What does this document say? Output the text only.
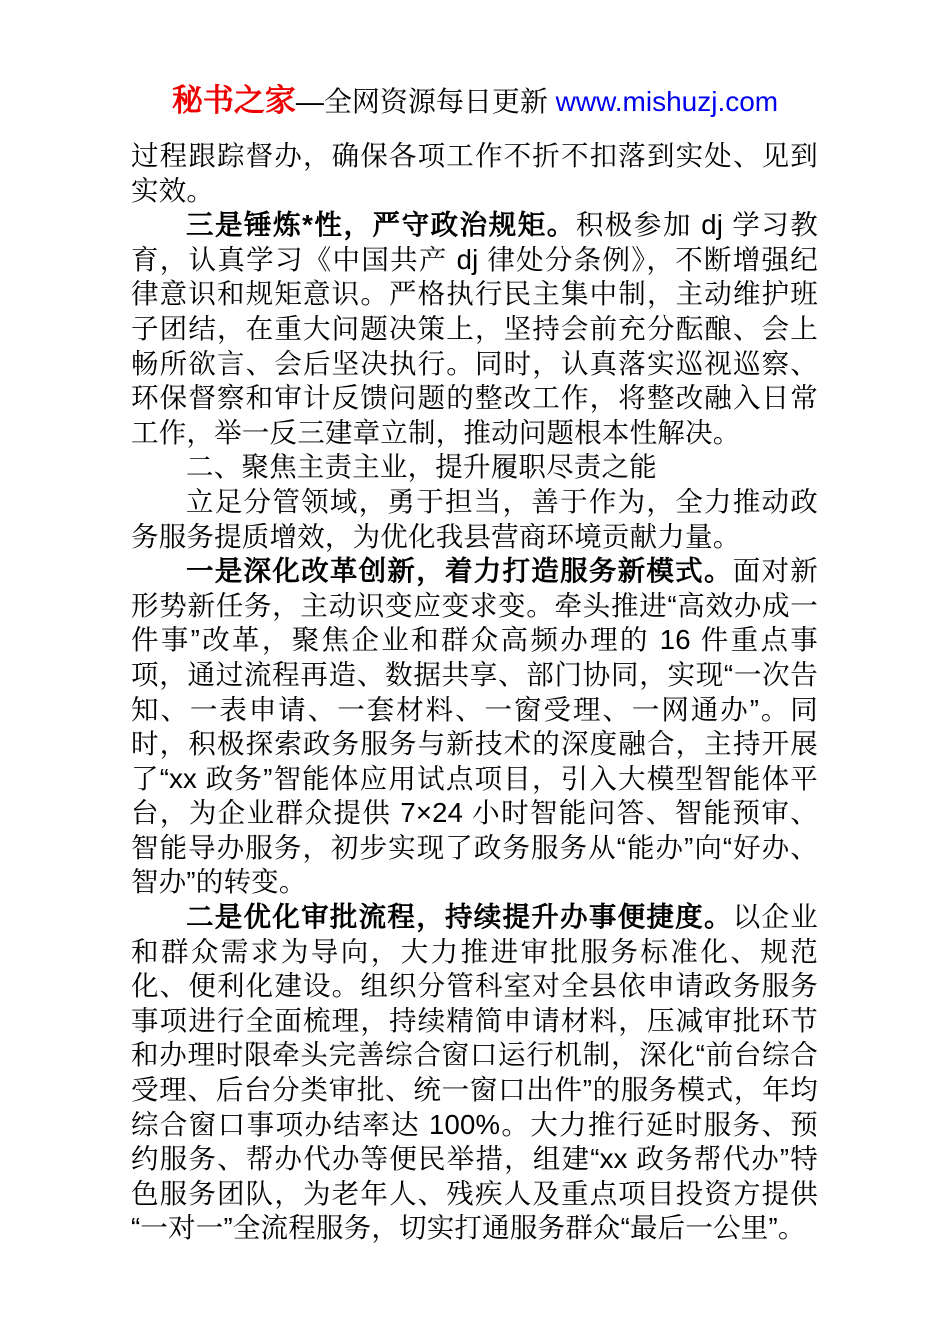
秘书之家—全网资源每日更新 www.mishuzj.com

过程跟踪督办，确保各项工作不折不扣落到实处、见到实效。

三是锤炼*性，严守政治规矩。积极参加 dj 学习教育，认真学习《中国共产 dj 律处分条例》，不断增强纪律意识和规矩意识。严格执行民主集中制，主动维护班子团结，在重大问题决策上，坚持会前充分酝酿、会上畅所欲言、会后坚决执行。同时，认真落实巡视巡察、环保督察和审计反馈问题的整改工作，将整改融入日常工作，举一反三建章立制，推动问题根本性解决。

二、聚焦主责主业，提升履职尽责之能

立足分管领域，勇于担当，善于作为，全力推动政务服务提质增效，为优化我县营商环境贡献力量。

一是深化改革创新，着力打造服务新模式。面对新形势新任务，主动识变应变求变。牵头推进“高效办成一件事”改革，聚焦企业和群众高频办理的 16 件重点事项，通过流程再造、数据共享、部门协同，实现“一次告知、一表申请、一套材料、一窗受理、一网通办”。同时，积极探索政务服务与新技术的深度融合，主持开展了“xx 政务”智能体应用试点项目，引入大模型智能体平台，为企业群众提供 7×24 小时智能问答、智能预审、智能导办服务，初步实现了政务服务从“能办”向“好办、智办”的转变。

二是优化审批流程，持续提升办事便捷度。以企业和群众需求为导向，大力推进审批服务标准化、规范化、便利化建设。组织分管科室对全县依申请政务服务事项进行全面梳理，持续精简申请材料，压减审批环节和办理时限牵头完善综合窗口运行机制，深化“前台综合受理、后台分类审批、统一窗口出件”的服务模式，年均综合窗口事项办结率达 100%。大力推行延时服务、预约服务、帮办代办等便民举措，组建“xx 政务帮代办”特色服务团队，为老年人、残疾人及重点项目投资方提供“一对一”全流程服务，切实打通服务群众“最后一公里”。
